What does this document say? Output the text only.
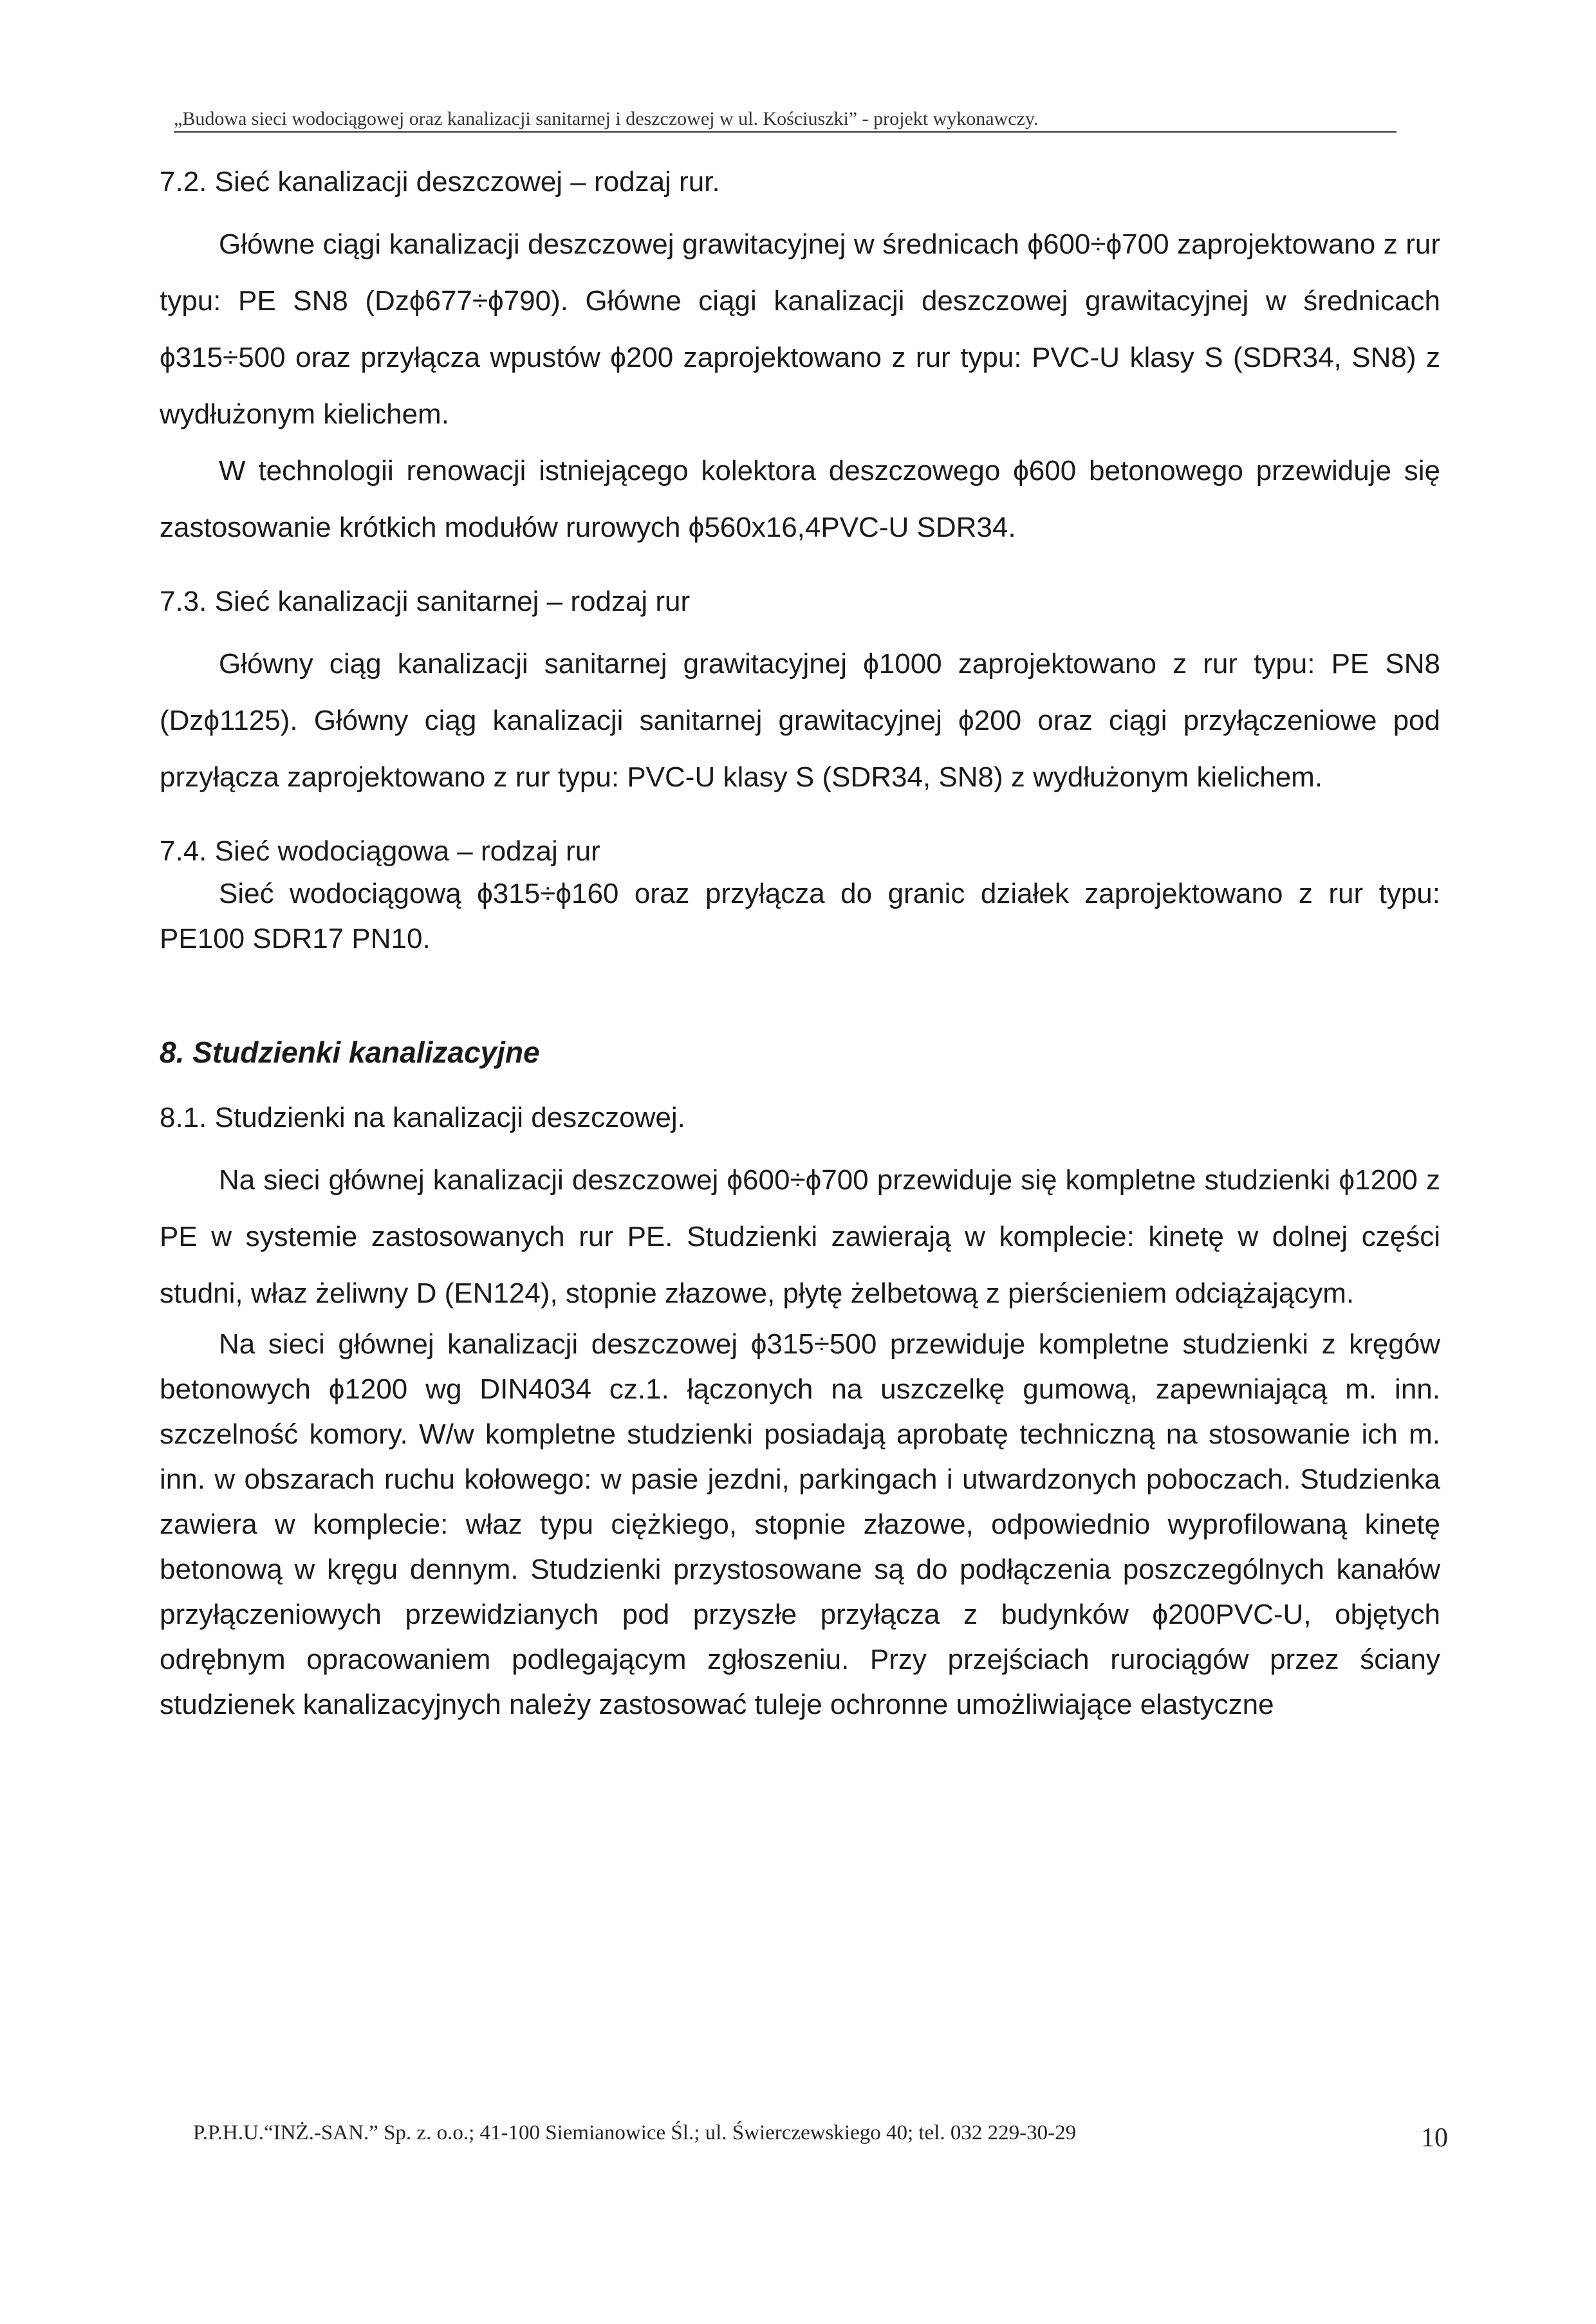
„Budowa sieci wodociągowej oraz kanalizacji sanitarnej i deszczowej w ul. Kościuszki” - projekt wykonawczy.

7.2. Sieć kanalizacji deszczowej – rodzaj rur.

Główne ciągi kanalizacji deszczowej grawitacyjnej w średnicach ϕ600÷ϕ700 zaprojektowano z rur typu: PE SN8 (Dzϕ677÷ϕ790). Główne ciągi kanalizacji deszczowej grawitacyjnej w średnicach ϕ315÷500 oraz przyłącza wpustów ϕ200 zaprojektowano z rur typu: PVC-U klasy S (SDR34, SN8) z wydłużonym kielichem.

W technologii renowacji istniejącego kolektora deszczowego ϕ600 betonowego przewiduje się zastosowanie krótkich modułów rurowych ϕ560x16,4PVC-U SDR34.

7.3. Sieć kanalizacji sanitarnej – rodzaj rur

Główny ciąg kanalizacji sanitarnej grawitacyjnej ϕ1000 zaprojektowano z rur typu: PE SN8 (Dzϕ1125). Główny ciąg kanalizacji sanitarnej grawitacyjnej ϕ200 oraz ciągi przyłączeniowe pod przyłącza zaprojektowano z rur typu: PVC-U klasy S (SDR34, SN8) z wydłużonym kielichem.

7.4. Sieć wodociągowa – rodzaj rur

Sieć wodociągową ϕ315÷ϕ160 oraz przyłącza do granic działek zaprojektowano z rur typu: PE100 SDR17 PN10.

8. Studzienki kanalizacyjne

8.1. Studzienki na kanalizacji deszczowej.

Na sieci głównej kanalizacji deszczowej ϕ600÷ϕ700 przewiduje się kompletne studzienki ϕ1200 z PE w systemie zastosowanych rur PE. Studzienki zawierają w komplecie: kinetę w dolnej części studni, właz żeliwny D (EN124), stopnie złazowe, płytę żelbetową z pierścieniem odciążającym.

Na sieci głównej kanalizacji deszczowej ϕ315÷500 przewiduje kompletne studzienki z kręgów betonowych ϕ1200 wg DIN4034 cz.1. łączonych na uszczelkę gumową, zapewniającą m. inn. szczelność komory. W/w kompletne studzienki posiadają aprobatę techniczną na stosowanie ich m. inn. w obszarach ruchu kołowego: w pasie jezdni, parkingach i utwardzonych poboczach. Studzienka zawiera w komplecie: właz typu ciężkiego, stopnie złazowe, odpowiednio wyprofilowaną kinetę betonową w kręgu dennym. Studzienki przystosowane są do podłączenia poszczególnych kanałów przyłączeniowych przewidzianych pod przyszłe przyłącza z budynków ϕ200PVC-U, objętych odrębnym opracowaniem podlegającym zgłoszeniu. Przy przejściach rurociągów przez ściany studzienek kanalizacyjnych należy zastosować tuleje ochronne umożliwiające elastyczne

P.P.H.U.“INŻ.-SAN.” Sp. z. o.o.; 41-100 Siemianowice Śl.; ul. Świerczewskiego 40; tel. 032 229-30-29	10
